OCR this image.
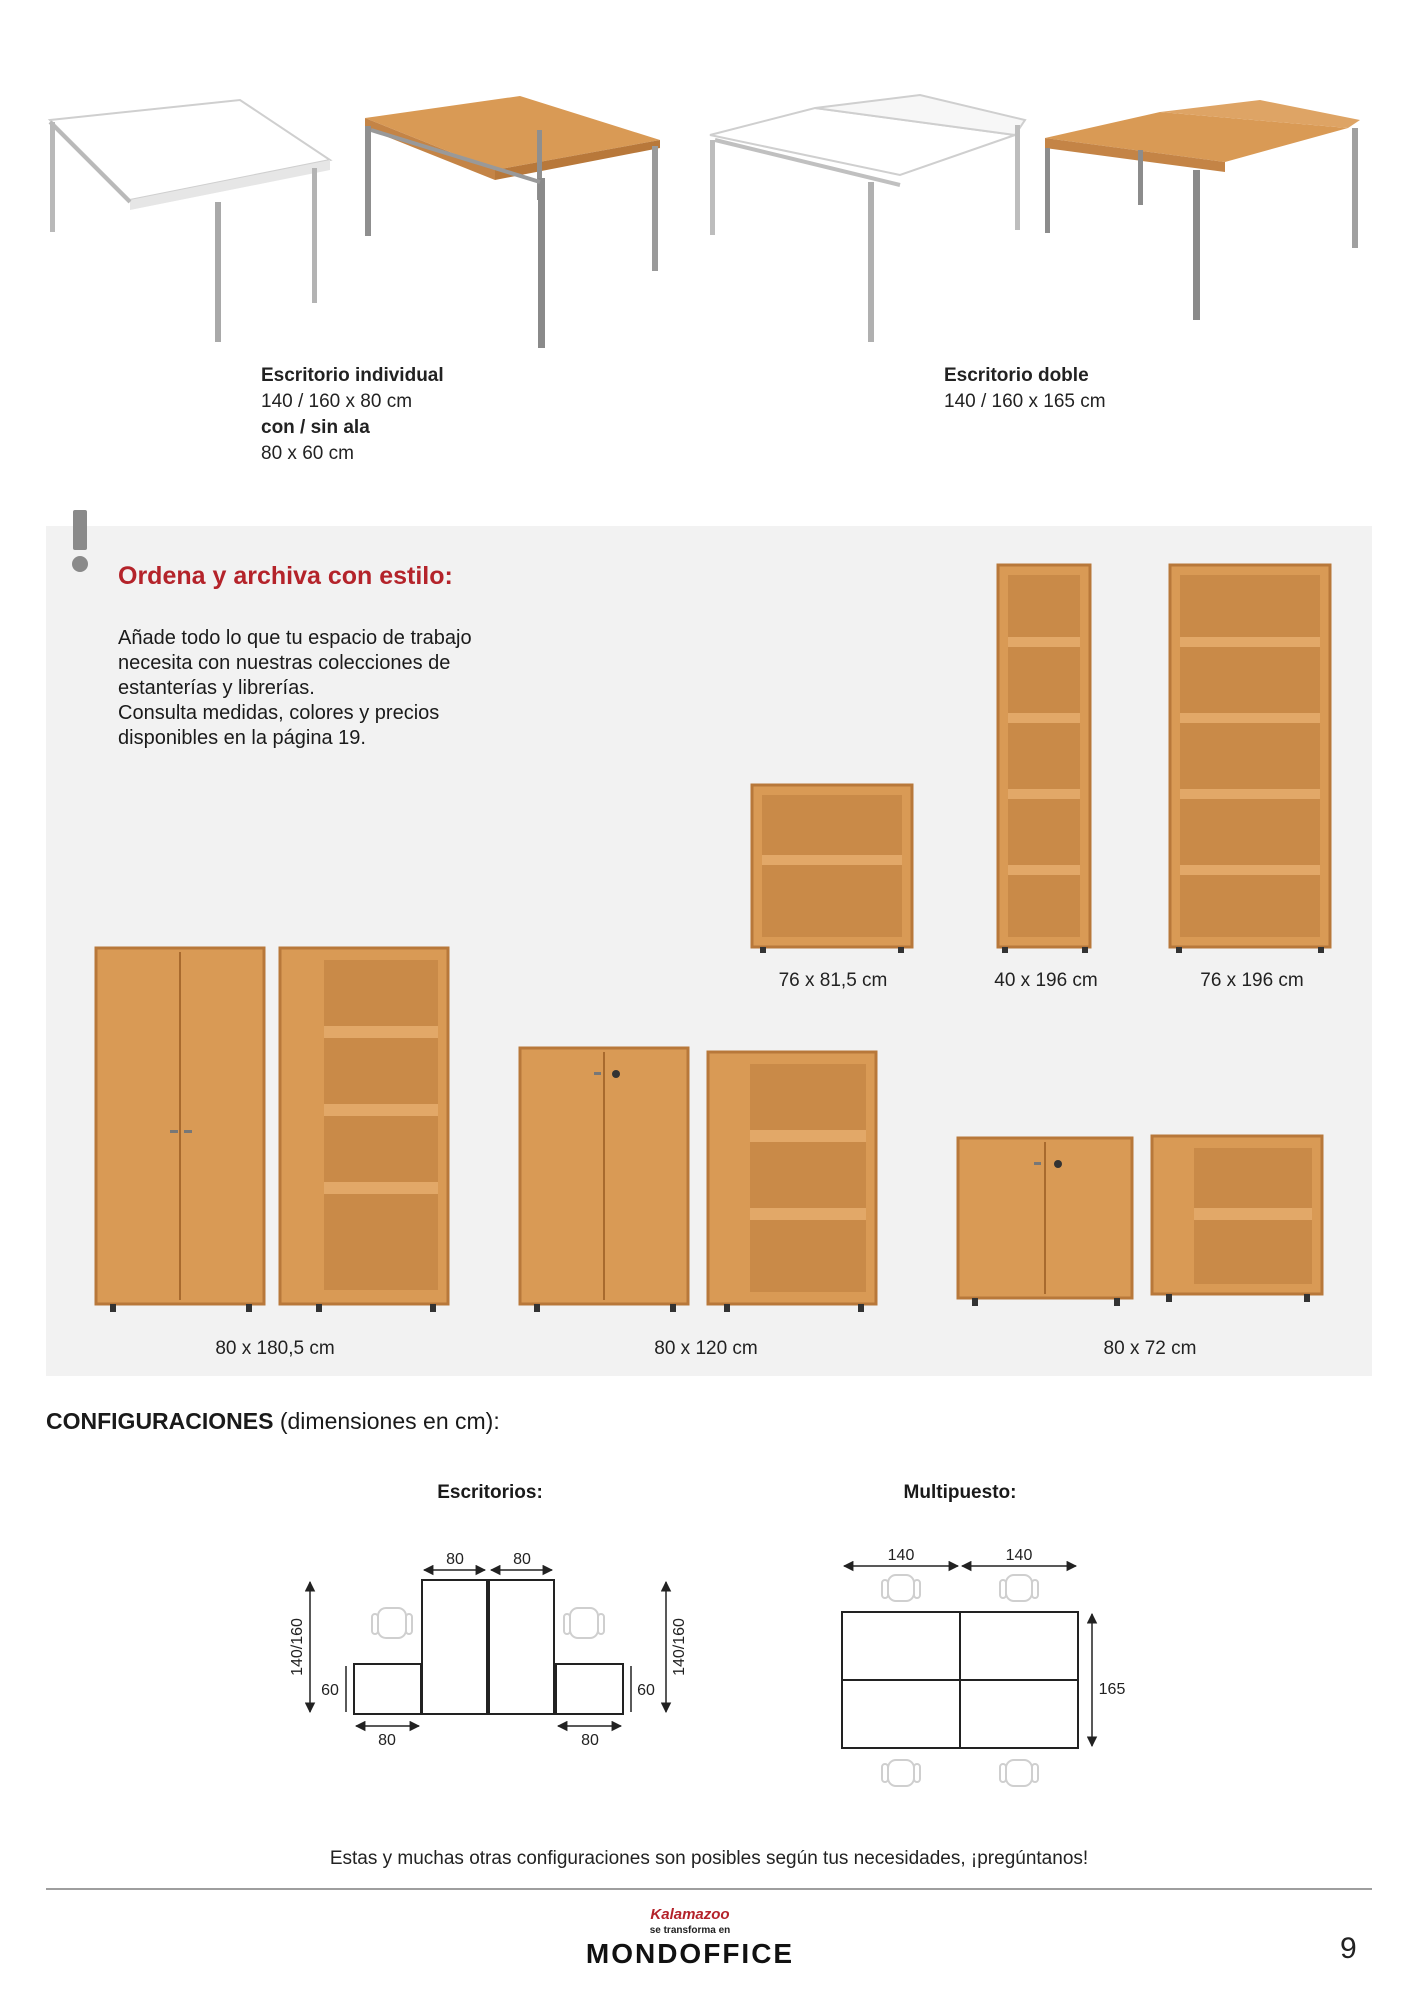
Escritorio individual
140 / 160 x 80 cm
con / sin ala
80 x 60 cm
Escritorio doble
140 / 160 x 165 cm
Ordena y archiva con estilo:
Añade todo lo que tu espacio de trabajo
necesita con nuestras colecciones de
estanterías y librerías.
Consulta medidas, colores y precios
disponibles en la página 19.
76 x 81,5 cm	40 x 196 cm	76 x 196 cm
80 x 180,5 cm	80 x 120 cm	80 x 72 cm
CONFIGURACIONES (dimensiones en cm):
Escritorios:	Multipuesto:
80	80
80	80
140/160	140/160
60	60
140	140
165
Estas y muchas otras configuraciones son posibles según tus necesidades, ¡pregúntanos!
Kalamazoo
se transforma en
MONDOFFICE	9
